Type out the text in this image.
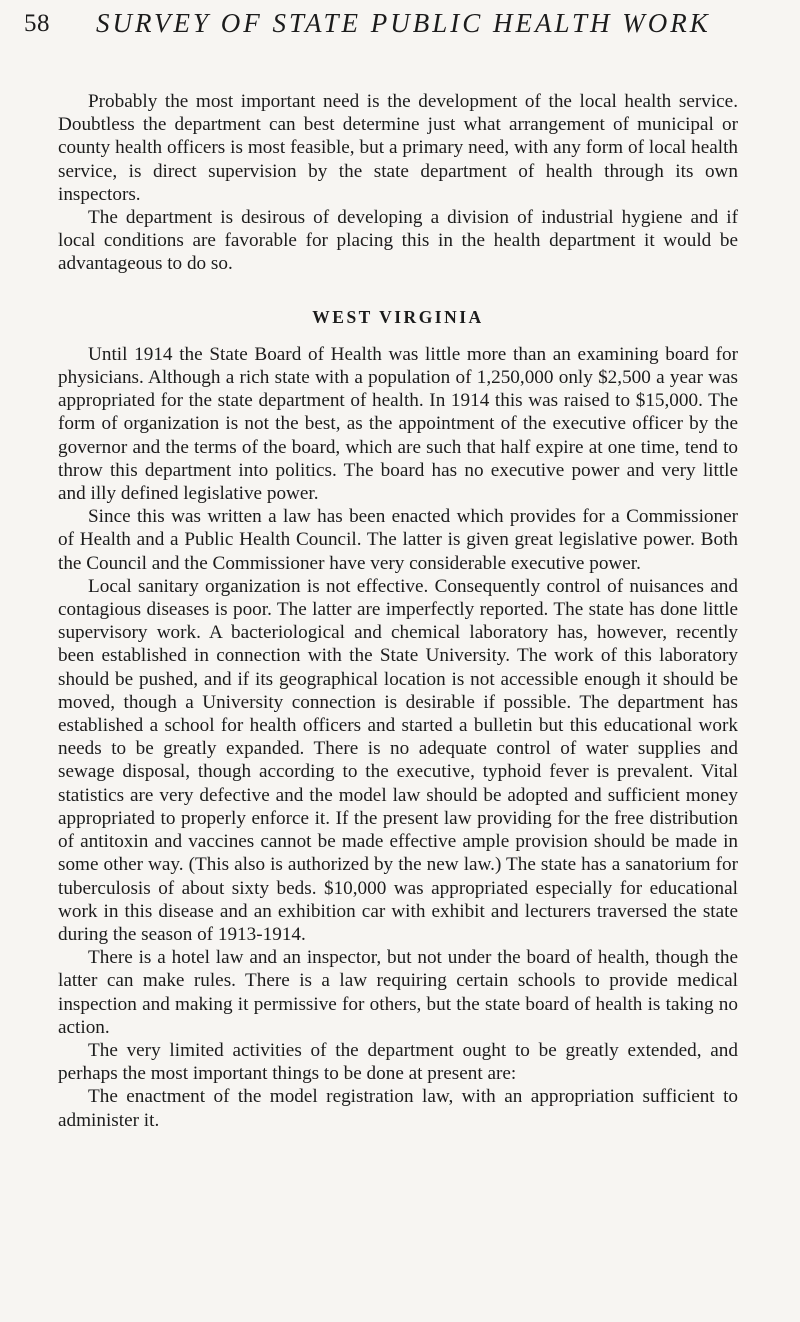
58 SURVEY OF STATE PUBLIC HEALTH WORK

Probably the most important need is the development of the local health service. Doubtless the department can best determine just what arrangement of municipal or county health officers is most feasible, but a primary need, with any form of local health service, is direct supervision by the state department of health through its own inspectors.

The department is desirous of developing a division of industrial hygiene and if local conditions are favorable for placing this in the health department it would be advantageous to do so.

WEST VIRGINIA

Until 1914 the State Board of Health was little more than an examining board for physicians. Although a rich state with a population of 1,250,000 only $2,500 a year was appropriated for the state department of health. In 1914 this was raised to $15,000. The form of organization is not the best, as the appointment of the executive officer by the governor and the terms of the board, which are such that half expire at one time, tend to throw this department into politics. The board has no executive power and very little and illy defined legislative power.

Since this was written a law has been enacted which provides for a Commissioner of Health and a Public Health Council. The latter is given great legislative power. Both the Council and the Commissioner have very considerable executive power.

Local sanitary organization is not effective. Consequently control of nuisances and contagious diseases is poor. The latter are imperfectly reported. The state has done little supervisory work. A bacteriological and chemical laboratory has, however, recently been established in connection with the State University. The work of this laboratory should be pushed, and if its geographical location is not accessible enough it should be moved, though a University connection is desirable if possible. The department has established a school for health officers and started a bulletin but this educational work needs to be greatly expanded. There is no adequate control of water supplies and sewage disposal, though according to the executive, typhoid fever is prevalent. Vital statistics are very defective and the model law should be adopted and sufficient money appropriated to properly enforce it. If the present law providing for the free distribution of antitoxin and vaccines cannot be made effective ample provision should be made in some other way. (This also is authorized by the new law.) The state has a sanatorium for tuberculosis of about sixty beds. $10,000 was appropriated especially for educational work in this disease and an exhibition car with exhibit and lecturers traversed the state during the season of 1913-1914.

There is a hotel law and an inspector, but not under the board of health, though the latter can make rules. There is a law requiring certain schools to provide medical inspection and making it permissive for others, but the state board of health is taking no action.

The very limited activities of the department ought to be greatly extended, and perhaps the most important things to be done at present are:

The enactment of the model registration law, with an appropriation sufficient to administer it.
